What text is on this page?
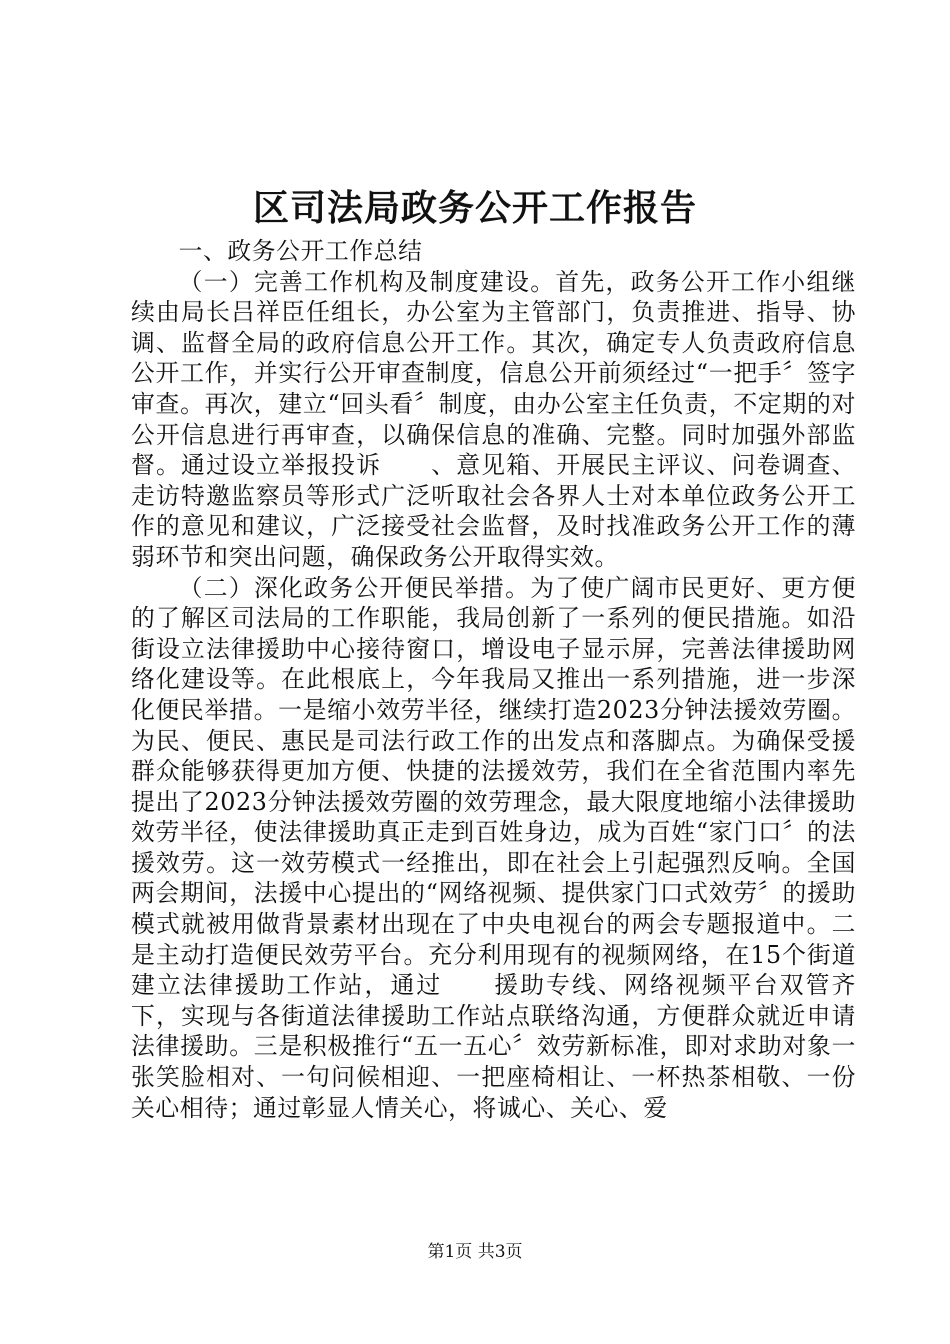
区司法局政务公开工作报告

一、政务公开工作总结

（一）完善工作机构及制度建设。首先，政务公开工作小组继续由局长吕祥臣任组长，办公室为主管部门，负责推进、指导、协调、监督全局的政府信息公开工作。其次，确定专人负责政府信息公开工作，并实行公开审查制度，信息公开前须经过“一把手〞签字审查。再次，建立“回头看〞制度，由办公室主任负责，不定期的对公开信息进行再审查，以确保信息的准确、完整。同时加强外部监督。通过设立举报投诉　　、意见箱、开展民主评议、问卷调查、走访特邀监察员等形式广泛听取社会各界人士对本单位政务公开工作的意见和建议，广泛接受社会监督，及时找准政务公开工作的薄弱环节和突出问题，确保政务公开取得实效。

（二）深化政务公开便民举措。为了使广阔市民更好、更方便的了解区司法局的工作职能，我局创新了一系列的便民措施。如沿街设立法律援助中心接待窗口，增设电子显示屏，完善法律援助网络化建设等。在此根底上，今年我局又推出一系列措施，进一步深化便民举措。一是缩小效劳半径，继续打造2023分钟法援效劳圈。为民、便民、惠民是司法行政工作的出发点和落脚点。为确保受援群众能够获得更加方便、快捷的法援效劳，我们在全省范围内率先提出了2023分钟法援效劳圈的效劳理念，最大限度地缩小法律援助效劳半径，使法律援助真正走到百姓身边，成为百姓“家门口〞的法援效劳。这一效劳模式一经推出，即在社会上引起强烈反响。全国两会期间，法援中心提出的“网络视频、提供家门口式效劳〞的援助模式就被用做背景素材出现在了中央电视台的两会专题报道中。二是主动打造便民效劳平台。充分利用现有的视频网络，在15个街道建立法律援助工作站，通过　　援助专线、网络视频平台双管齐下，实现与各街道法律援助工作站点联络沟通，方便群众就近申请法律援助。三是积极推行“五一五心〞效劳新标准，即对求助对象一张笑脸相对、一句问候相迎、一把座椅相让、一杯热茶相敬、一份关心相待；通过彰显人情关心，将诚心、关心、爱

第1页 共3页
